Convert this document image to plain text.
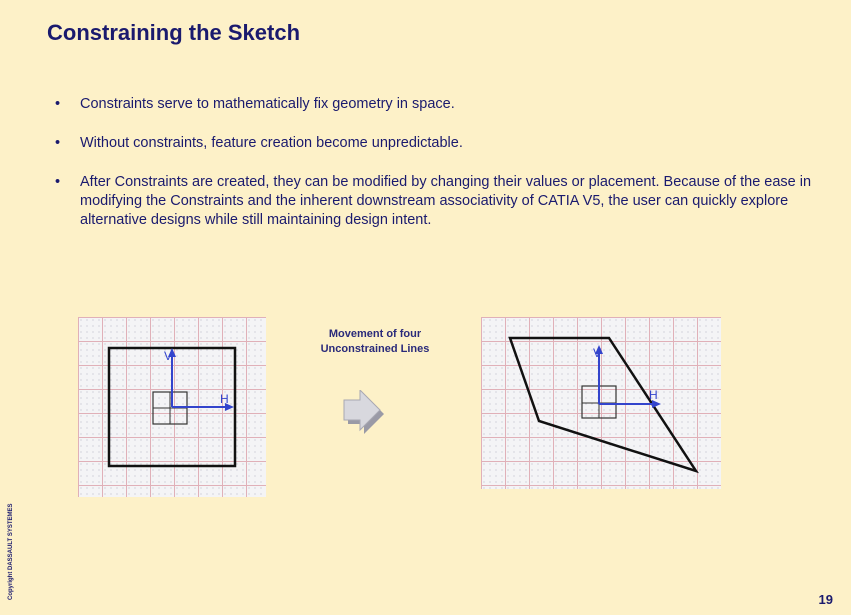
Constraining the Sketch
• Constraints serve to mathematically fix geometry in space.
• Without constraints, feature creation become unpredictable.
• After Constraints are created, they can be modified by changing their values or placement. Because of the ease in modifying the Constraints and the inherent downstream associativity of CATIA V5, the user can quickly explore alternative designs while still maintaining design intent.
V
H
Movement of four
Unconstrained Lines	V
H
Copyright DASSAULT SYSTEMES	19
